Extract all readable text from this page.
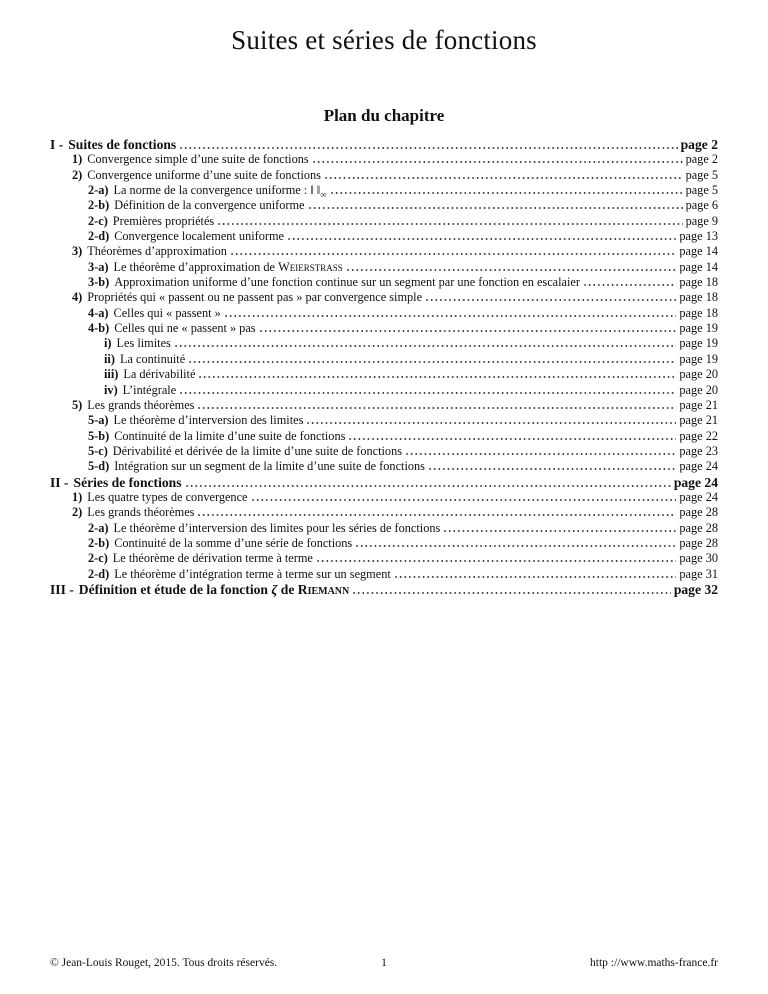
Suites et séries de fonctions
Plan du chapitre
I - Suites de fonctions	page 2
1) Convergence simple d’une suite de fonctions	page 2
2) Convergence uniforme d’une suite de fonctions	page 5
2-a) La norme de la convergence uniforme : ‖ $‖_\infty$	page 5
2-b) Définition de la convergence uniforme	page 6
2-c) Premières propriétés	page 9
2-d) Convergence localement uniforme	page 13
3) Théorèmes d’approximation	page 14
3-a) Le théorème d’approximation de Weierstrass	page 14
3-b) Approximation uniforme d’une fonction continue sur un segment par une fonction en escalaier	page 18
4) Propriétés qui « passent ou ne passent pas » par convergence simple	page 18
4-a) Celles qui « passent »	page 18
4-b) Celles qui ne « passent » pas	page 19
i) Les limites	page 19
ii) La continuité	page 19
iii) La dérivabilité	page 20
iv) L’intégrale	page 20
5) Les grands théorèmes	page 21
5-a) Le théorème d’interversion des limites	page 21
5-b) Continuité de la limite d’une suite de fonctions	page 22
5-c) Dérivabilité et dérivée de la limite d’une suite de fonctions	page 23
5-d) Intégration sur un segment de la limite d’une suite de fonctions	page 24
II - Séries de fonctions	page 24
1) Les quatre types de convergence	page 24
2) Les grands théorèmes	page 28
2-a) Le théorème d’interversion des limites pour les séries de fonctions	page 28
2-b) Continuité de la somme d’une série de fonctions	page 28
2-c) Le théorème de dérivation terme à terme	page 30
2-d) Le théorème d’intégration terme à terme sur un segment	page 31
III - Définition et étude de la fonction ζ de Riemann	page 32
© Jean-Louis Rouget, 2015. Tous droits réservés.	1	http ://www.maths-france.fr
